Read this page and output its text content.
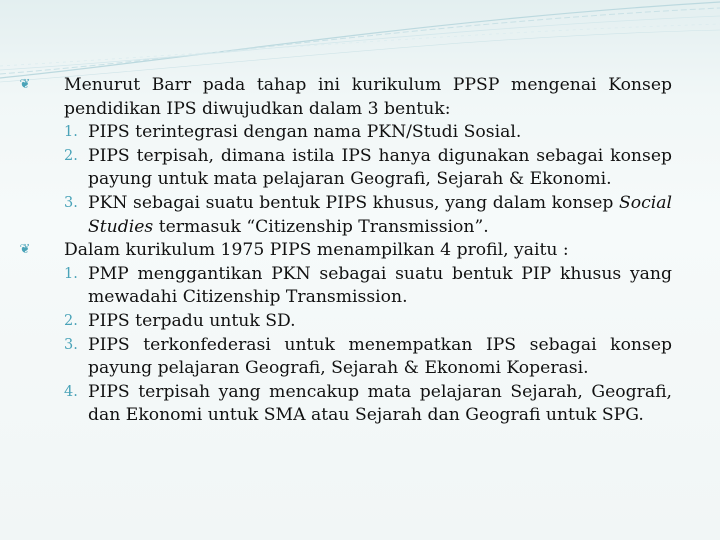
❦ Menurut Barr pada tahap ini kurikulum PPSP mengenai Konsep pendidikan IPS diwujudkan dalam 3 bentuk:
1. PIPS terintegrasi dengan nama PKN/Studi Sosial.
2. PIPS terpisah, dimana istila IPS hanya digunakan sebagai konsep payung untuk mata pelajaran Geografi, Sejarah & Ekonomi.
3. PKN sebagai suatu bentuk PIPS khusus, yang dalam konsep Social Studies termasuk “Citizenship Transmission”.
❦ Dalam kurikulum 1975 PIPS menampilkan 4 profil, yaitu :
1. PMP menggantikan PKN sebagai suatu bentuk PIP khusus yang mewadahi Citizenship Transmission.
2. PIPS terpadu untuk SD.
3. PIPS terkonfederasi untuk menempatkan IPS sebagai konsep payung pelajaran Geografi, Sejarah & Ekonomi Koperasi.
4. PIPS terpisah yang mencakup mata pelajaran Sejarah, Geografi, dan Ekonomi untuk SMA atau Sejarah dan Geografi untuk SPG.
